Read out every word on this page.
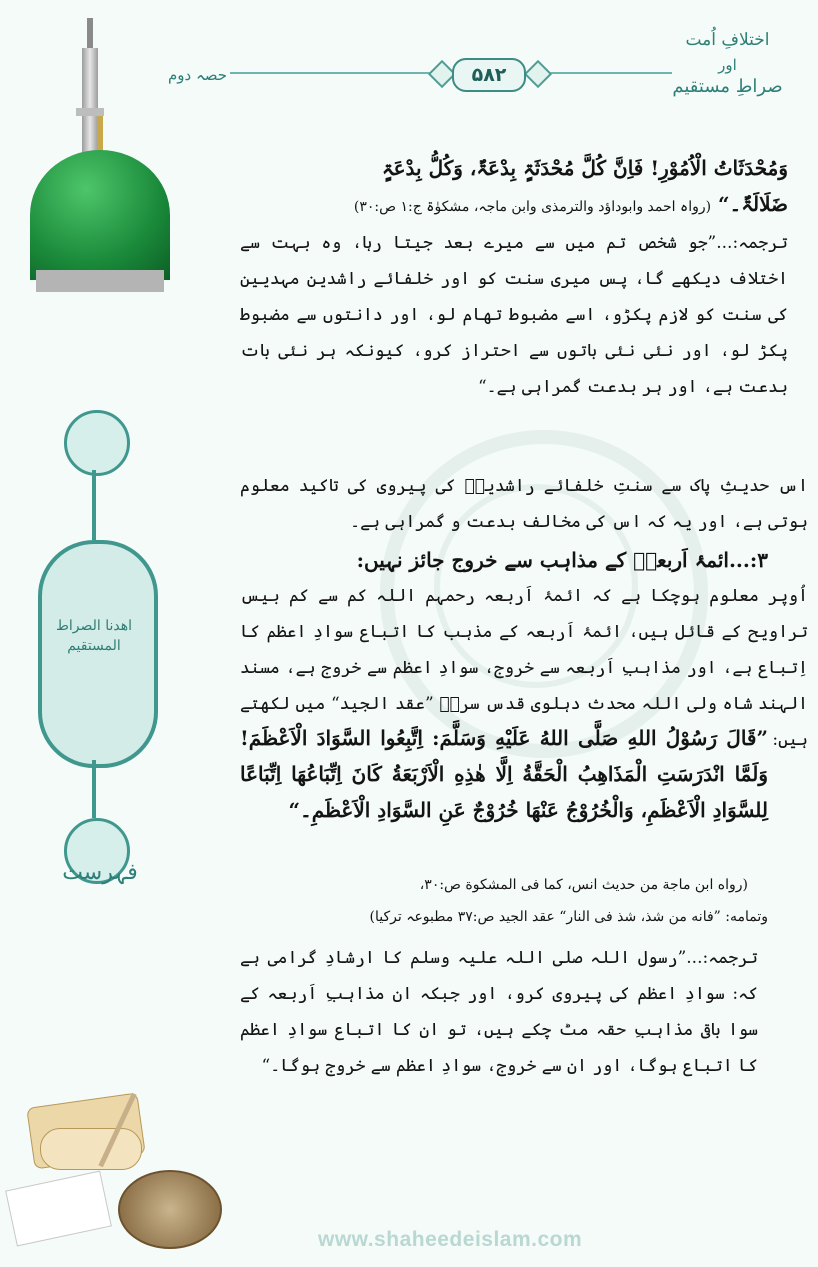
اختلافِ اُمت
اور
صراطِ مستقیم
۵۸۲
حصہ دوم
اھدنا الصراط
المستقیم
فہرست
وَمُحْدَثَاتُ الْاُمُوْرِ! فَاِنَّ کُلَّ مُحْدَثَۃٍ بِدْعَۃٌ، وَکُلُّ بِدْعَۃٍ
ضَلَالَۃٌ۔“ (رواہ احمد وابوداؤد والترمذی وابن ماجہ، مشکوٰۃ ج:۱ ص:۳۰)
ترجمہ:...”جو شخص تم میں سے میرے بعد جیتا رہا، وہ بہت سے اختلاف دیکھے گا، پس میری سنت کو اور خلفائے راشدین مہدیین کی سنت کو لازم پکڑو، اسے مضبوط تھام لو، اور دانتوں سے مضبوط پکڑ لو، اور نئی نئی باتوں سے احتراز کرو، کیونکہ ہر نئی بات بدعت ہے، اور ہر بدعت گمراہی ہے۔“
اس حدیثِ پاک سے سنتِ خلفائے راشدینؓ کی پیروی کی تاکید معلوم ہوتی ہے، اور یہ کہ اس کی مخالف بدعت و گمراہی ہے۔
۳:...ائمۂ اَربعہؒ کے مذاہب سے خروج جائز نہیں:
اُوپر معلوم ہوچکا ہے کہ ائمۂ اَربعہ رحمہم اللہ کم سے کم بیس تراویح کے قائل ہیں، ائمۂ اَربعہ کے مذہب کا اتباع سوادِ اعظم کا اِتباع ہے، اور مذاہبِ اَربعہ سے خروج، سوادِ اعظم سے خروج ہے، مسند الہند شاہ ولی اللہ محدث دہلوی قدس سرہٗ ”عقد الجید“ میں لکھتے ہیں:
”قَالَ رَسُوْلُ اللهِ صَلَّى اللهُ عَلَيْهِ وَسَلَّمَ: اِتَّبِعُوا السَّوَادَ الْاَعْظَمَ! وَلَمَّا انْدَرَسَتِ الْمَذَاهِبُ الْحَقَّةُ اِلَّا هٰذِهِ الْاَرْبَعَةُ كَانَ اِتِّبَاعُهَا اِتِّبَاعًا لِلسَّوَادِ الْاَعْظَمِ، وَالْخُرُوْجُ عَنْهَا خُرُوْجٌ عَنِ السَّوَادِ الْاَعْظَمِ۔“
(رواه ابن ماجة من حديث انس، كما فى المشكوة ص:۳۰،
وتمامه: ”فانه من شذ، شذ فى النار“ عقد الجيد ص:۳۷ مطبوعہ ترکیا)
ترجمہ:...”رسول اللہ صلی اللہ علیہ وسلم کا ارشادِ گرامی ہے کہ: سوادِ اعظم کی پیروی کرو، اور جبکہ ان مذاہبِ اَربعہ کے سوا باقی مذاہبِ حقہ مٹ چکے ہیں، تو ان کا اتباع سوادِ اعظم کا اتباع ہوگا، اور ان سے خروج، سوادِ اعظم سے خروج ہوگا۔“
www.shaheedeislam.com
